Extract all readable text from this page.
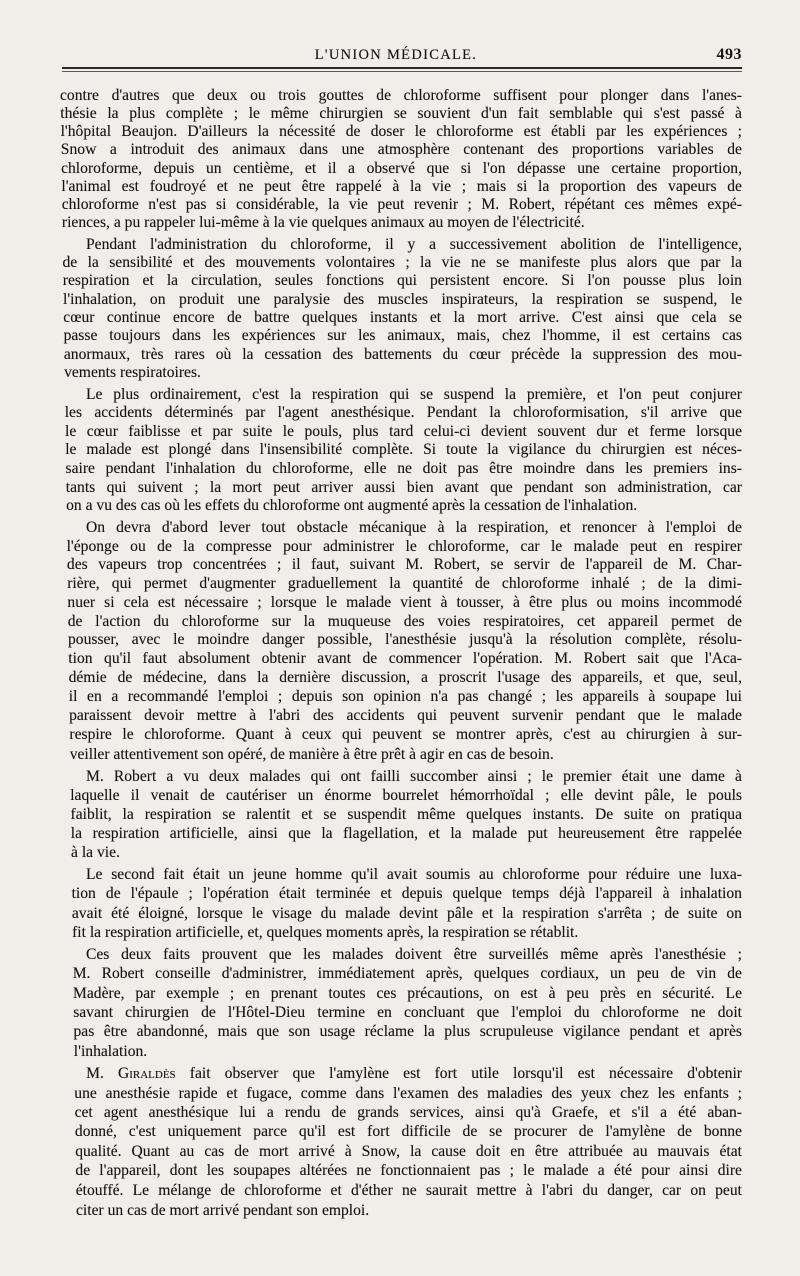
L'UNION MÉDICALE.	493
contre d'autres que deux ou trois gouttes de chloroforme suffisent pour plonger dans l'anes-
thésie la plus complète ; le même chirurgien se souvient d'un fait semblable qui s'est passé à
l'hôpital Beaujon. D'ailleurs la nécessité de doser le chloroforme est établi par les expériences ;
Snow a introduit des animaux dans une atmosphère contenant des proportions variables de
chloroforme, depuis un centième, et il a observé que si l'on dépasse une certaine proportion,
l'animal est foudroyé et ne peut être rappelé à la vie ; mais si la proportion des vapeurs de
chloroforme n'est pas si considérable, la vie peut revenir ; M. Robert, répétant ces mêmes expé-
riences, a pu rappeler lui-même à la vie quelques animaux au moyen de l'électricité.
Pendant l'administration du chloroforme, il y a successivement abolition de l'intelligence,
de la sensibilité et des mouvements volontaires ; la vie ne se manifeste plus alors que par la
respiration et la circulation, seules fonctions qui persistent encore. Si l'on pousse plus loin
l'inhalation, on produit une paralysie des muscles inspirateurs, la respiration se suspend, le
cœur continue encore de battre quelques instants et la mort arrive. C'est ainsi que cela se
passe toujours dans les expériences sur les animaux, mais, chez l'homme, il est certains cas
anormaux, très rares où la cessation des battements du cœur précède la suppression des mou-
vements respiratoires.
Le plus ordinairement, c'est la respiration qui se suspend la première, et l'on peut conjurer
les accidents déterminés par l'agent anesthésique. Pendant la chloroformisation, s'il arrive que
le cœur faiblisse et par suite le pouls, plus tard celui-ci devient souvent dur et ferme lorsque
le malade est plongé dans l'insensibilité complète. Si toute la vigilance du chirurgien est néces-
saire pendant l'inhalation du chloroforme, elle ne doit pas être moindre dans les premiers ins-
tants qui suivent ; la mort peut arriver aussi bien avant que pendant son administration, car
on a vu des cas où les effets du chloroforme ont augmenté après la cessation de l'inhalation.
On devra d'abord lever tout obstacle mécanique à la respiration, et renoncer à l'emploi de
l'éponge ou de la compresse pour administrer le chloroforme, car le malade peut en respirer
des vapeurs trop concentrées ; il faut, suivant M. Robert, se servir de l'appareil de M. Char-
rière, qui permet d'augmenter graduellement la quantité de chloroforme inhalé ; de la dimi-
nuer si cela est nécessaire ; lorsque le malade vient à tousser, à être plus ou moins incommodé
de l'action du chloroforme sur la muqueuse des voies respiratoires, cet appareil permet de
pousser, avec le moindre danger possible, l'anesthésie jusqu'à la résolution complète, résolu-
tion qu'il faut absolument obtenir avant de commencer l'opération. M. Robert sait que l'Aca-
démie de médecine, dans la dernière discussion, a proscrit l'usage des appareils, et que, seul,
il en a recommandé l'emploi ; depuis son opinion n'a pas changé ; les appareils à soupape lui
paraissent devoir mettre à l'abri des accidents qui peuvent survenir pendant que le malade
respire le chloroforme. Quant à ceux qui peuvent se montrer après, c'est au chirurgien à sur-
veiller attentivement son opéré, de manière à être prêt à agir en cas de besoin.
M. Robert a vu deux malades qui ont failli succomber ainsi ; le premier était une dame à
laquelle il venait de cautériser un énorme bourrelet hémorrhoïdal ; elle devint pâle, le pouls
faiblit, la respiration se ralentit et se suspendit même quelques instants. De suite on pratiqua
la respiration artificielle, ainsi que la flagellation, et la malade put heureusement être rappelée
à la vie.
Le second fait était un jeune homme qu'il avait soumis au chloroforme pour réduire une luxa-
tion de l'épaule ; l'opération était terminée et depuis quelque temps déjà l'appareil à inhalation
avait été éloigné, lorsque le visage du malade devint pâle et la respiration s'arrêta ; de suite on
fit la respiration artificielle, et, quelques moments après, la respiration se rétablit.
Ces deux faits prouvent que les malades doivent être surveillés même après l'anesthésie ;
M. Robert conseille d'administrer, immédiatement après, quelques cordiaux, un peu de vin de
Madère, par exemple ; en prenant toutes ces précautions, on est à peu près en sécurité. Le
savant chirurgien de l'Hôtel-Dieu termine en concluant que l'emploi du chloroforme ne doit
pas être abandonné, mais que son usage réclame la plus scrupuleuse vigilance pendant et après
l'inhalation.
M. Giraldès fait observer que l'amylène est fort utile lorsqu'il est nécessaire d'obtenir
une anesthésie rapide et fugace, comme dans l'examen des maladies des yeux chez les enfants ;
cet agent anesthésique lui a rendu de grands services, ainsi qu'à Graefe, et s'il a été aban-
donné, c'est uniquement parce qu'il est fort difficile de se procurer de l'amylène de bonne
qualité. Quant au cas de mort arrivé à Snow, la cause doit en être attribuée au mauvais état
de l'appareil, dont les soupapes altérées ne fonctionnaient pas ; le malade a été pour ainsi dire
étouffé. Le mélange de chloroforme et d'éther ne saurait mettre à l'abri du danger, car on peut
citer un cas de mort arrivé pendant son emploi.
